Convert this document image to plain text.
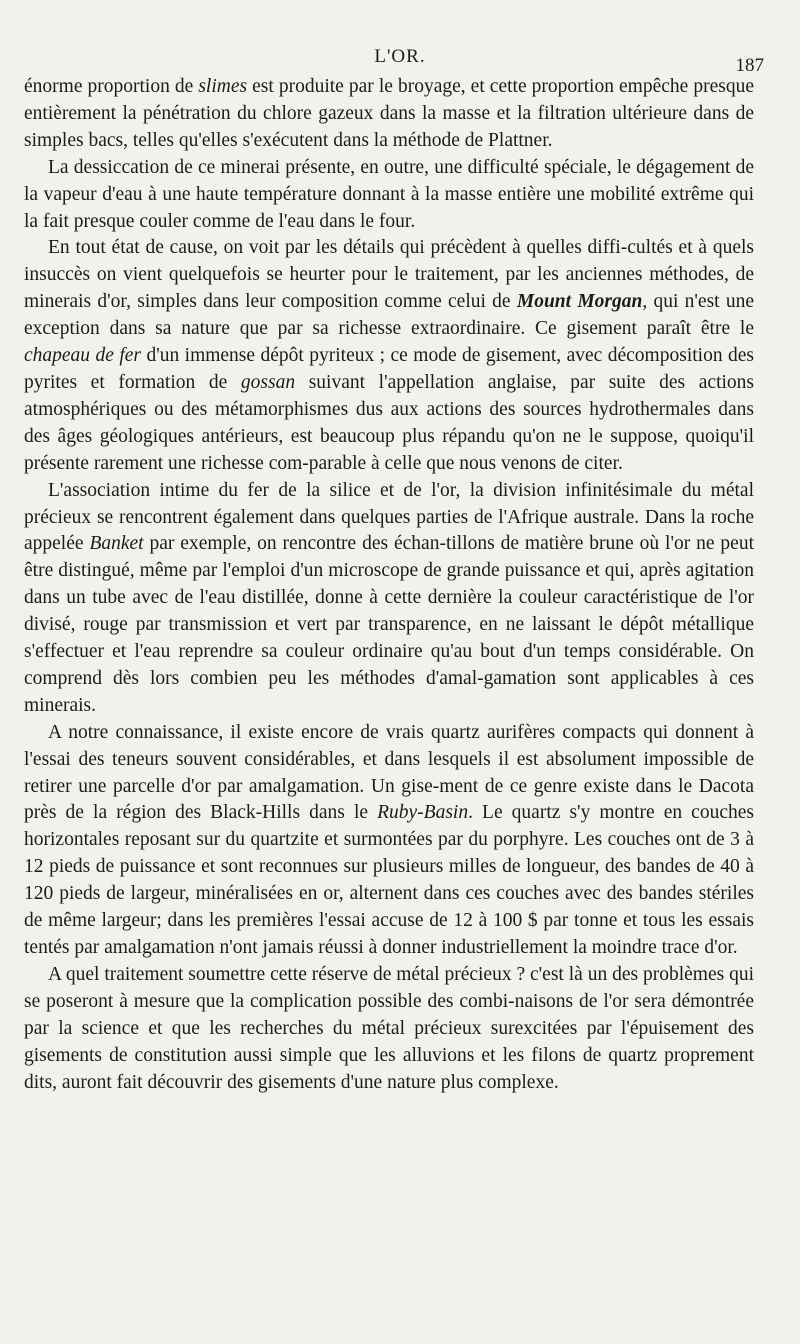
L'OR.	187

énorme proportion de slimes est produite par le broyage, et cette proportion empêche presque entièrement la pénétration du chlore gazeux dans la masse et la filtration ultérieure dans de simples bacs, telles qu'elles s'exécutent dans la méthode de Plattner.

La dessiccation de ce minerai présente, en outre, une difficulté spéciale, le dégagement de la vapeur d'eau à une haute température donnant à la masse entière une mobilité extrême qui la fait presque couler comme de l'eau dans le four.

En tout état de cause, on voit par les détails qui précèdent à quelles diffi-cultés et à quels insuccès on vient quelquefois se heurter pour le traitement, par les anciennes méthodes, de minerais d'or, simples dans leur composition comme celui de Mount Morgan, qui n'est une exception dans sa nature que par sa richesse extraordinaire. Ce gisement paraît être le chapeau de fer d'un immense dépôt pyriteux ; ce mode de gisement, avec décomposition des pyrites et formation de gossan suivant l'appellation anglaise, par suite des actions atmosphériques ou des métamorphismes dus aux actions des sources hydrothermales dans des âges géologiques antérieurs, est beaucoup plus répandu qu'on ne le suppose, quoiqu'il présente rarement une richesse com-parable à celle que nous venons de citer.

L'association intime du fer de la silice et de l'or, la division infinitésimale du métal précieux se rencontrent également dans quelques parties de l'Afrique australe. Dans la roche appelée Banket par exemple, on rencontre des échan-tillons de matière brune où l'or ne peut être distingué, même par l'emploi d'un microscope de grande puissance et qui, après agitation dans un tube avec de l'eau distillée, donne à cette dernière la couleur caractéristique de l'or divisé, rouge par transmission et vert par transparence, en ne laissant le dépôt métallique s'effectuer et l'eau reprendre sa couleur ordinaire qu'au bout d'un temps considérable. On comprend dès lors combien peu les méthodes d'amal-gamation sont applicables à ces minerais.

A notre connaissance, il existe encore de vrais quartz aurifères compacts qui donnent à l'essai des teneurs souvent considérables, et dans lesquels il est absolument impossible de retirer une parcelle d'or par amalgamation. Un gise-ment de ce genre existe dans le Dacota près de la région des Black-Hills dans le Ruby-Basin. Le quartz s'y montre en couches horizontales reposant sur du quartzite et surmontées par du porphyre. Les couches ont de 3 à 12 pieds de puissance et sont reconnues sur plusieurs milles de longueur, des bandes de 40 à 120 pieds de largeur, minéralisées en or, alternent dans ces couches avec des bandes stériles de même largeur; dans les premières l'essai accuse de 12 à 100 $ par tonne et tous les essais tentés par amalgamation n'ont jamais réussi à donner industriellement la moindre trace d'or.

A quel traitement soumettre cette réserve de métal précieux ? c'est là un des problèmes qui se poseront à mesure que la complication possible des combi-naisons de l'or sera démontrée par la science et que les recherches du métal précieux surexcitées par l'épuisement des gisements de constitution aussi simple que les alluvions et les filons de quartz proprement dits, auront fait découvrir des gisements d'une nature plus complexe.
